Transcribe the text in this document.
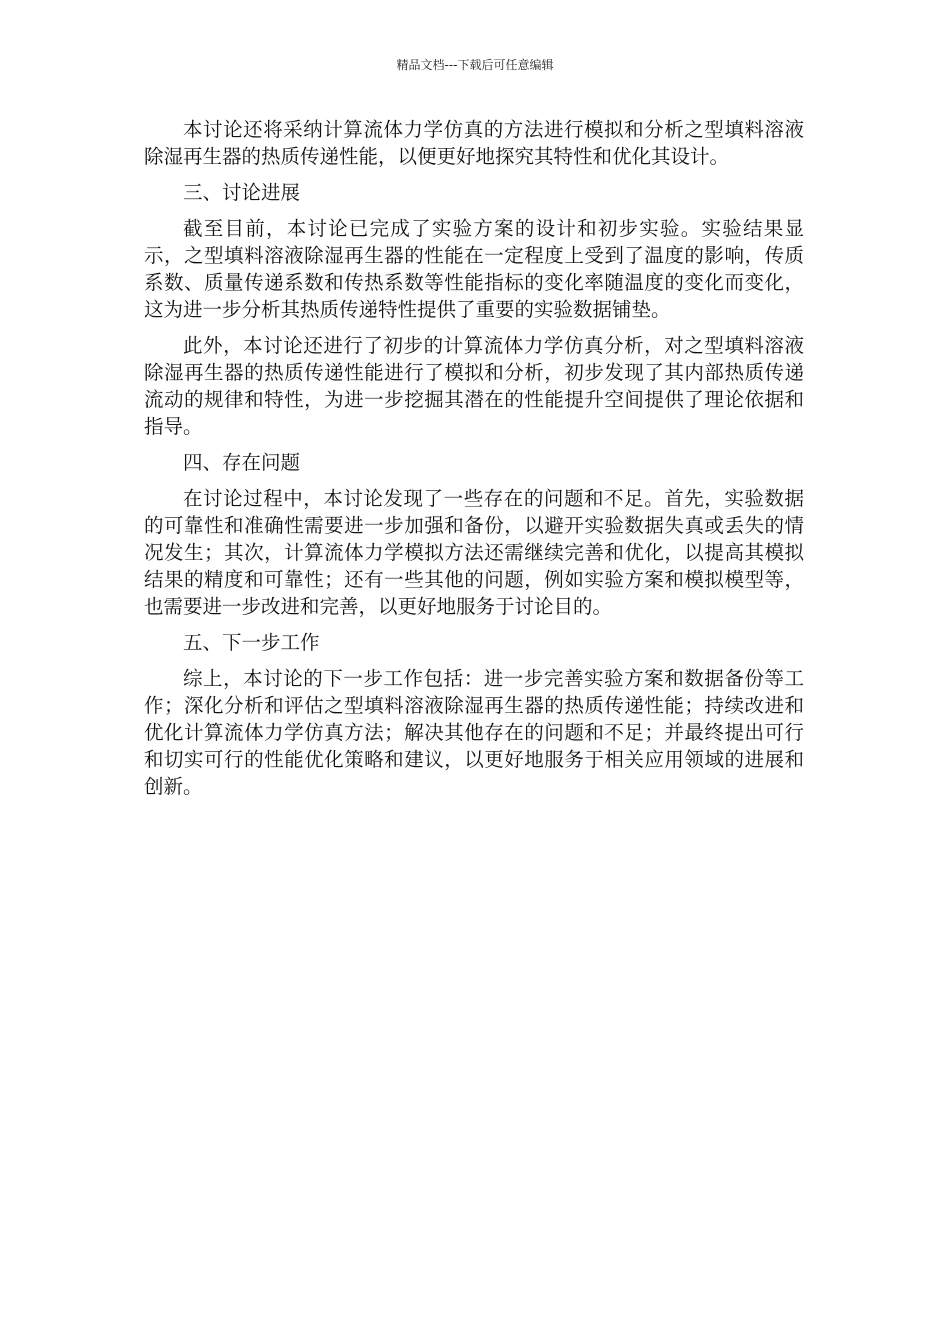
精品文档---下载后可任意编辑

本讨论还将采纳计算流体力学仿真的方法进行模拟和分析之型填料溶液除湿再生器的热质传递性能，以便更好地探究其特性和优化其设计。

三、讨论进展

截至目前，本讨论已完成了实验方案的设计和初步实验。实验结果显示，之型填料溶液除湿再生器的性能在一定程度上受到了温度的影响，传质系数、质量传递系数和传热系数等性能指标的变化率随温度的变化而变化，这为进一步分析其热质传递特性提供了重要的实验数据铺垫。

此外，本讨论还进行了初步的计算流体力学仿真分析，对之型填料溶液除湿再生器的热质传递性能进行了模拟和分析，初步发现了其内部热质传递流动的规律和特性，为进一步挖掘其潜在的性能提升空间提供了理论依据和指导。

四、存在问题

在讨论过程中，本讨论发现了一些存在的问题和不足。首先，实验数据的可靠性和准确性需要进一步加强和备份，以避开实验数据失真或丢失的情况发生；其次，计算流体力学模拟方法还需继续完善和优化，以提高其模拟结果的精度和可靠性；还有一些其他的问题，例如实验方案和模拟模型等，也需要进一步改进和完善，以更好地服务于讨论目的。

五、下一步工作

综上，本讨论的下一步工作包括：进一步完善实验方案和数据备份等工作；深化分析和评估之型填料溶液除湿再生器的热质传递性能；持续改进和优化计算流体力学仿真方法；解决其他存在的问题和不足；并最终提出可行和切实可行的性能优化策略和建议，以更好地服务于相关应用领域的进展和创新。
